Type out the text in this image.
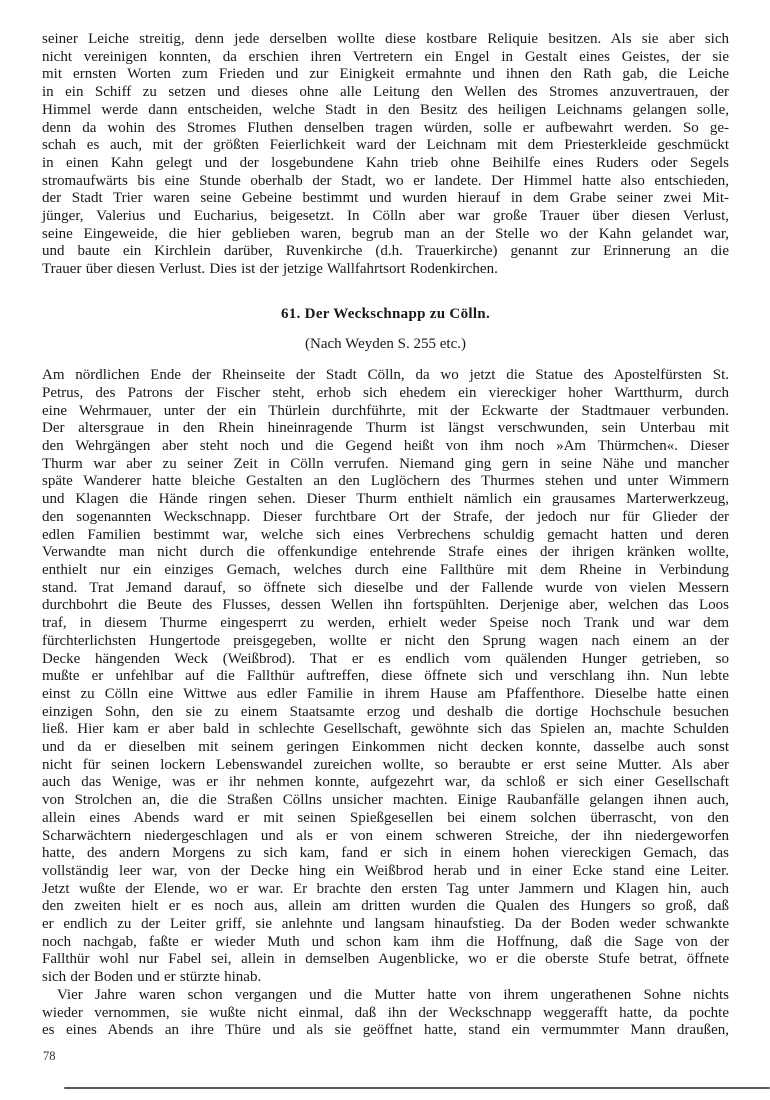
seiner Leiche streitig, denn jede derselben wollte diese kostbare Reliquie besitzen. Als sie aber sich
nicht vereinigen konnten, da erschien ihren Vertretern ein Engel in Gestalt eines Geistes, der sie
mit ernsten Worten zum Frieden und zur Einigkeit ermahnte und ihnen den Rath gab, die Leiche
in ein Schiff zu setzen und dieses ohne alle Leitung den Wellen des Stromes anzuvertrauen, der
Himmel werde dann entscheiden, welche Stadt in den Besitz des heiligen Leichnams gelangen solle,
denn da wohin des Stromes Fluthen denselben tragen würden, solle er aufbewahrt werden. So ge-
schah es auch, mit der größten Feierlichkeit ward der Leichnam mit dem Priesterkleide geschmückt
in einen Kahn gelegt und der losgebundene Kahn trieb ohne Beihilfe eines Ruders oder Segels
stromaufwärts bis eine Stunde oberhalb der Stadt, wo er landete. Der Himmel hatte also entschieden,
der Stadt Trier waren seine Gebeine bestimmt und wurden hierauf in dem Grabe seiner zwei Mit-
jünger, Valerius und Eucharius, beigesetzt. In Cölln aber war große Trauer über diesen Verlust,
seine Eingeweide, die hier geblieben waren, begrub man an der Stelle wo der Kahn gelandet war,
und baute ein Kirchlein darüber, Ruvenkirche (d.h. Trauerkirche) genannt zur Erinnerung an die
Trauer über diesen Verlust. Dies ist der jetzige Wallfahrtsort Rodenkirchen.
61. Der Weckschnapp zu Cölln.
(Nach Weyden S. 255 etc.)
Am nördlichen Ende der Rheinseite der Stadt Cölln, da wo jetzt die Statue des Apostelfürsten St.
Petrus, des Patrons der Fischer steht, erhob sich ehedem ein viereckiger hoher Wartthurm, durch
eine Wehrmauer, unter der ein Thürlein durchführte, mit der Eckwarte der Stadtmauer verbunden.
Der altersgraue in den Rhein hineinragende Thurm ist längst verschwunden, sein Unterbau mit
den Wehrgängen aber steht noch und die Gegend heißt von ihm noch »Am Thürmchen«. Dieser
Thurm war aber zu seiner Zeit in Cölln verrufen. Niemand ging gern in seine Nähe und mancher
späte Wanderer hatte bleiche Gestalten an den Luglöchern des Thurmes stehen und unter Wimmern
und Klagen die Hände ringen sehen. Dieser Thurm enthielt nämlich ein grausames Marterwerkzeug,
den sogenannten Weckschnapp. Dieser furchtbare Ort der Strafe, der jedoch nur für Glieder der
edlen Familien bestimmt war, welche sich eines Verbrechens schuldig gemacht hatten und deren
Verwandte man nicht durch die offenkundige entehrende Strafe eines der ihrigen kränken wollte,
enthielt nur ein einziges Gemach, welches durch eine Fallthüre mit dem Rheine in Verbindung
stand. Trat Jemand darauf, so öffnete sich dieselbe und der Fallende wurde von vielen Messern
durchbohrt die Beute des Flusses, dessen Wellen ihn fortspühlten. Derjenige aber, welchen das Loos
traf, in diesem Thurme eingesperrt zu werden, erhielt weder Speise noch Trank und war dem
fürchterlichsten Hungertode preisgegeben, wollte er nicht den Sprung wagen nach einem an der
Decke hängenden Weck (Weißbrod). That er es endlich vom quälenden Hunger getrieben, so
mußte er unfehlbar auf die Fallthür auftreffen, diese öffnete sich und verschlang ihn. Nun lebte
einst zu Cölln eine Wittwe aus edler Familie in ihrem Hause am Pfaffenthore. Dieselbe hatte einen
einzigen Sohn, den sie zu einem Staatsamte erzog und deshalb die dortige Hochschule besuchen
ließ. Hier kam er aber bald in schlechte Gesellschaft, gewöhnte sich das Spielen an, machte Schulden
und da er dieselben mit seinem geringen Einkommen nicht decken konnte, dasselbe auch sonst
nicht für seinen lockern Lebenswandel zureichen wollte, so beraubte er erst seine Mutter. Als aber
auch das Wenige, was er ihr nehmen konnte, aufgezehrt war, da schloß er sich einer Gesellschaft
von Strolchen an, die die Straßen Cöllns unsicher machten. Einige Raubanfälle gelangen ihnen auch,
allein eines Abends ward er mit seinen Spießgesellen bei einem solchen überrascht, von den
Scharwächtern niedergeschlagen und als er von einem schweren Streiche, der ihn niedergeworfen
hatte, des andern Morgens zu sich kam, fand er sich in einem hohen viereckigen Gemach, das
vollständig leer war, von der Decke hing ein Weißbrod herab und in einer Ecke stand eine Leiter.
Jetzt wußte der Elende, wo er war. Er brachte den ersten Tag unter Jammern und Klagen hin, auch
den zweiten hielt er es noch aus, allein am dritten wurden die Qualen des Hungers so groß, daß
er endlich zu der Leiter griff, sie anlehnte und langsam hinaufstieg. Da der Boden weder schwankte
noch nachgab, faßte er wieder Muth und schon kam ihm die Hoffnung, daß die Sage von der
Fallthür wohl nur Fabel sei, allein in demselben Augenblicke, wo er die oberste Stufe betrat, öffnete
sich der Boden und er stürzte hinab.
Vier Jahre waren schon vergangen und die Mutter hatte von ihrem ungerathenen Sohne nichts
wieder vernommen, sie wußte nicht einmal, daß ihn der Weckschnapp weggerafft hatte, da pochte
es eines Abends an ihre Thüre und als sie geöffnet hatte, stand ein vermummter Mann draußen,
78
